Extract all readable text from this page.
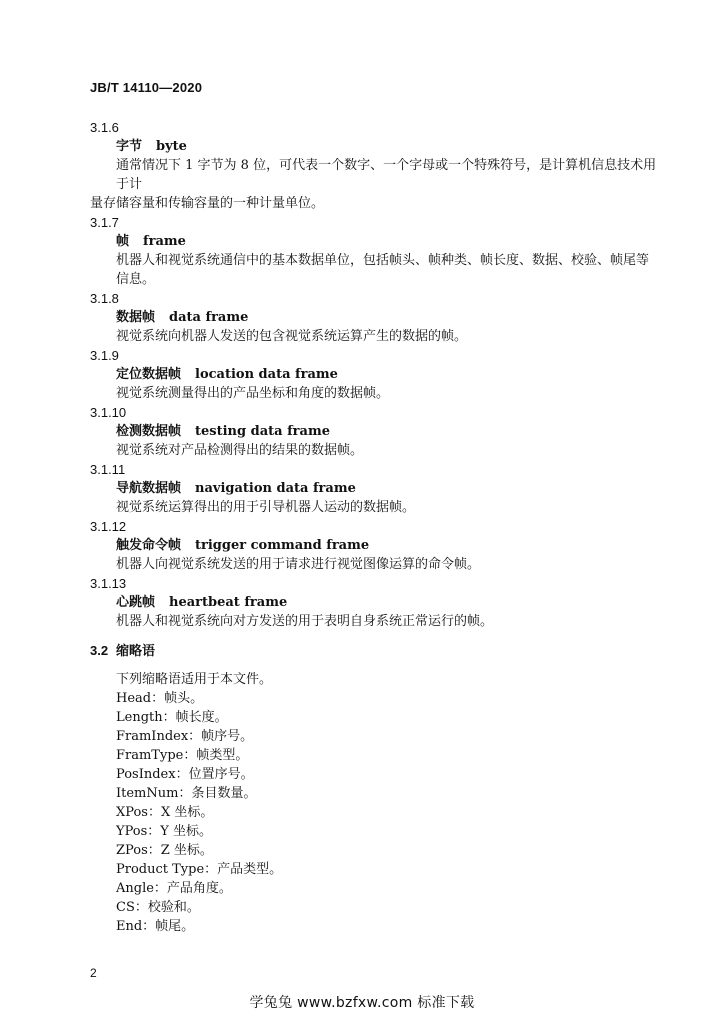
JB/T 14110—2020
3.1.6
字节 byte
通常情况下 1 字节为 8 位，可代表一个数字、一个字母或一个特殊符号，是计算机信息技术用于计
量存储容量和传输容量的一种计量单位。
3.1.7
帧 frame
机器人和视觉系统通信中的基本数据单位，包括帧头、帧种类、帧长度、数据、校验、帧尾等信息。
3.1.8
数据帧 data frame
视觉系统向机器人发送的包含视觉系统运算产生的数据的帧。
3.1.9
定位数据帧 location data frame
视觉系统测量得出的产品坐标和角度的数据帧。
3.1.10
检测数据帧 testing data frame
视觉系统对产品检测得出的结果的数据帧。
3.1.11
导航数据帧 navigation data frame
视觉系统运算得出的用于引导机器人运动的数据帧。
3.1.12
触发命令帧 trigger command frame
机器人向视觉系统发送的用于请求进行视觉图像运算的命令帧。
3.1.13
心跳帧 heartbeat frame
机器人和视觉系统向对方发送的用于表明自身系统正常运行的帧。
3.2 缩略语
下列缩略语适用于本文件。
Head：帧头。
Length：帧长度。
FramIndex：帧序号。
FramType：帧类型。
PosIndex：位置序号。
ItemNum：条目数量。
XPos：X 坐标。
YPos：Y 坐标。
ZPos：Z 坐标。
Product Type：产品类型。
Angle：产品角度。
CS：校验和。
End：帧尾。
2
学兔兔 www.bzfxw.com 标准下载
